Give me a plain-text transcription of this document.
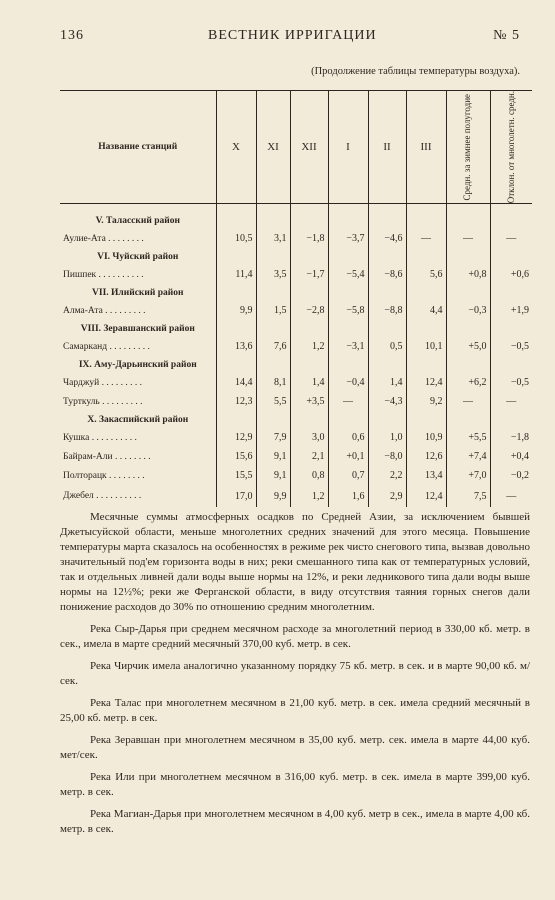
136	ВЕСТНИК ИРРИГАЦИИ	№ 5
(Продолжение таблицы температуры воздуха).
Название станций	X	XI	XII	I	II	III	Средн. за зимнее полугодие	Отклон. от многолетн. средн.

V. Таласский район								
Аулие-Ата . . . . . . . .	10,5	3,1	−1,8	−3,7	−4,6	—	—	—
VI. Чуйский район								
Пишпек . . . . . . . . . .	11,4	3,5	−1,7	−5,4	−8,6	5,6	+0,8	+0,6
VII. Илийский район								
Алма-Ата . . . . . . . . .	9,9	1,5	−2,8	−5,8	−8,8	4,4	−0,3	+1,9
VIII. Зеравшанский район								
Самарканд . . . . . . . . .	13,6	7,6	1,2	−3,1	0,5	10,1	+5,0	−0,5
IX. Аму-Дарьинский район								
Чарджуй . . . . . . . . .	14,4	8,1	1,4	−0,4	1,4	12,4	+6,2	−0,5
Турткуль . . . . . . . . .	12,3	5,5	+3,5	—	−4,3	9,2	—	—
X. Закаспийский район								
Кушка . . . . . . . . . .	12,9	7,9	3,0	0,6	1,0	10,9	+5,5	−1,8
Байрам-Али . . . . . . . .	15,6	9,1	2,1	+0,1	−8,0	12,6	+7,4	+0,4
Полторацк . . . . . . . .	15,5	9,1	0,8	0,7	2,2	13,4	+7,0	−0,2
Джебел . . . . . . . . . .	17,0	9,9	1,2	1,6	2,9	12,4	7,5	—

Месячные суммы атмосферных осадков по Средней Азии, за исключением бывшей Джетысуйской области, меньше многолетних средних значений для этого месяца. Повышение температуры марта сказалось на особенностях в режиме рек чисто снегового типа, вызвав довольно значительный под'ем горизонта воды в них; реки смешанного типа как от температурных условий, так и отдельных ливней дали воды выше нормы на 12%, и реки ледникового типа дали воды выше нормы на 12½%; реки же Ферганской области, в виду отсутствия таяния горных снегов дали понижение расходов до 30% по отношению средним многолетним.

Река Сыр-Дарья при среднем месячном расходе за многолетний период в 330,00 кб. метр. в сек., имела в марте средний месячный 370,00 куб. метр. в сек.

Река Чирчик имела аналогично указанному порядку 75 кб. метр. в сек. и в марте 90,00 кб. м/сек.

Река Талас при многолетнем месячном в 21,00 куб. метр. в сек. имела средний месячный в 25,00 кб. метр. в сек.

Река Зеравшан при многолетнем месячном в 35,00 куб. метр. сек. имела в марте 44,00 куб. мет/сек.

Река Или при многолетнем месячном в 316,00 куб. метр. в сек. имела в марте 399,00 куб. метр. в сек.

Река Магиан-Дарья при многолетнем месячном в 4,00 куб. метр в сек., имела в марте 4,00 кб. метр. в сек.
